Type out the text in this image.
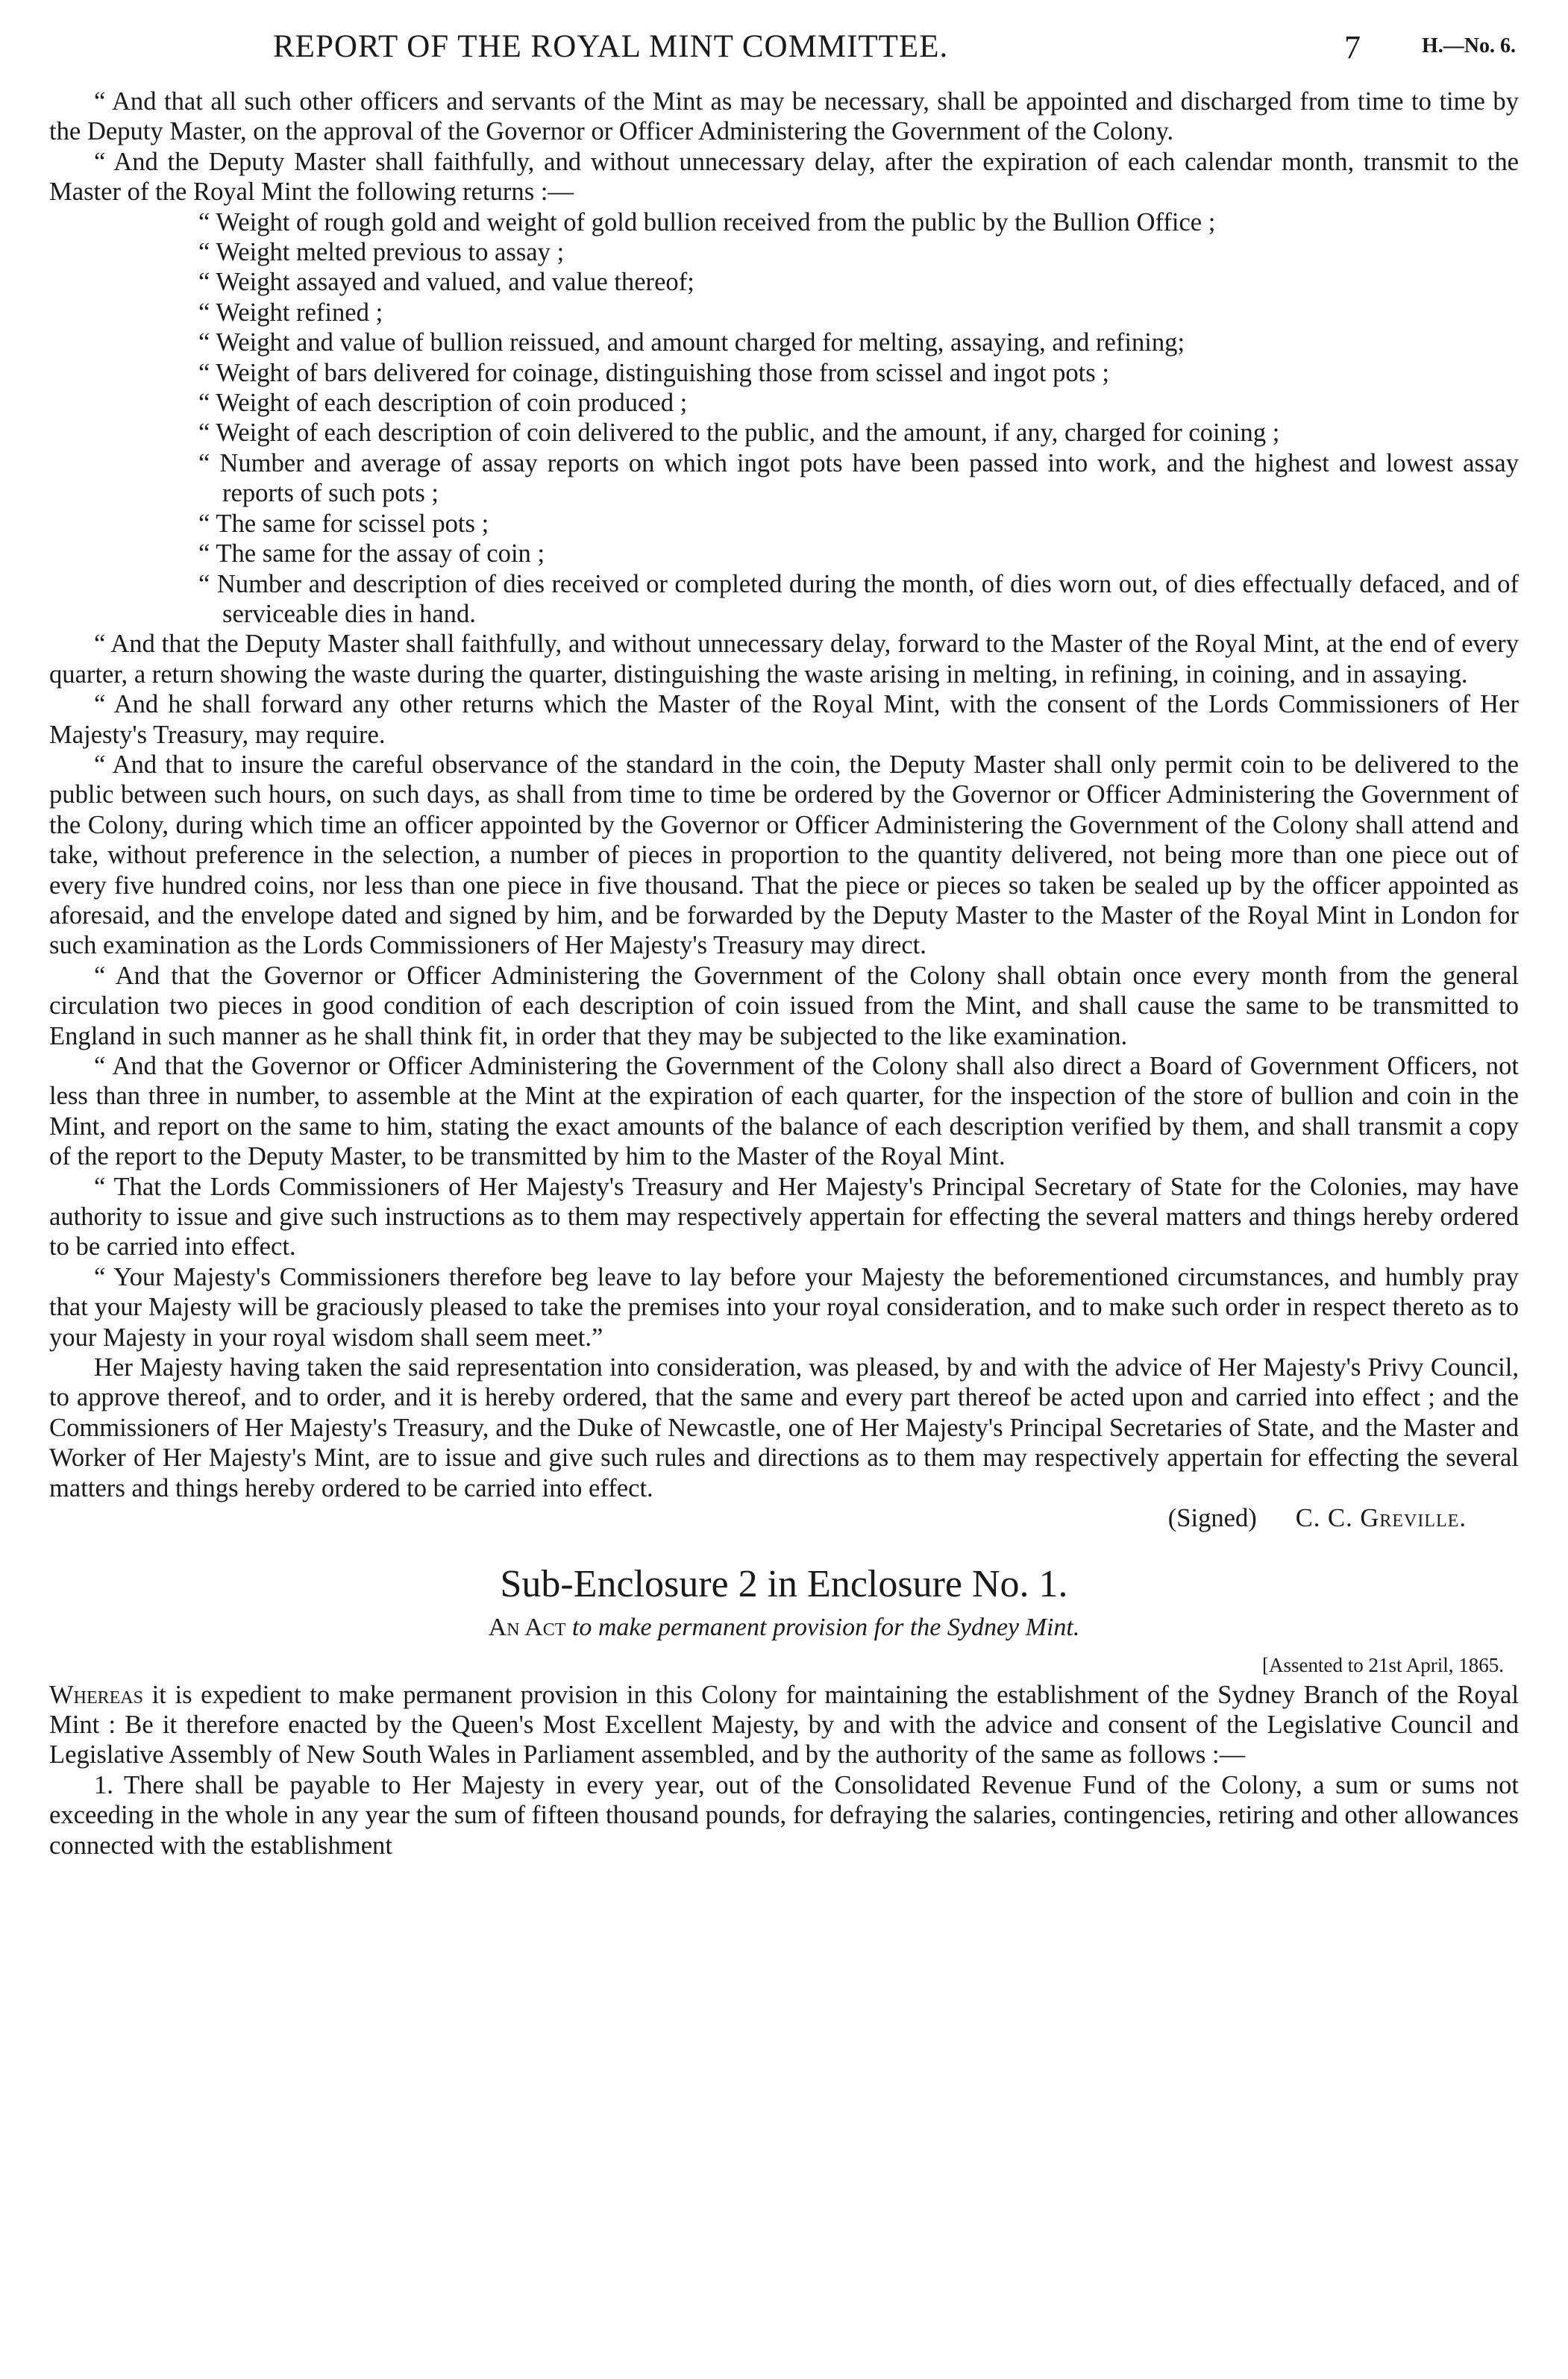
REPORT OF THE ROYAL MINT COMMITTEE.	7	H.—No. 6.

“ And that all such other officers and servants of the Mint as may be necessary, shall be appointed and discharged from time to time by the Deputy Master, on the approval of the Governor or Officer Administering the Government of the Colony.

“ And the Deputy Master shall faithfully, and without unnecessary delay, after the expiration of each calendar month, transmit to the Master of the Royal Mint the following returns :—

“ Weight of rough gold and weight of gold bullion received from the public by the Bullion Office ;

“ Weight melted previous to assay ;

“ Weight assayed and valued, and value thereof;

“ Weight refined ;

“ Weight and value of bullion reissued, and amount charged for melting, assaying, and refining;

“ Weight of bars delivered for coinage, distinguishing those from scissel and ingot pots ;

“ Weight of each description of coin produced ;

“ Weight of each description of coin delivered to the public, and the amount, if any, charged for coining ;

“ Number and average of assay reports on which ingot pots have been passed into work, and the highest and lowest assay reports of such pots ;

“ The same for scissel pots ;

“ The same for the assay of coin ;

“ Number and description of dies received or completed during the month, of dies worn out, of dies effectually defaced, and of serviceable dies in hand.

“ And that the Deputy Master shall faithfully, and without unnecessary delay, forward to the Master of the Royal Mint, at the end of every quarter, a return showing the waste during the quarter, distinguishing the waste arising in melting, in refining, in coining, and in assaying.

“ And he shall forward any other returns which the Master of the Royal Mint, with the consent of the Lords Commissioners of Her Majesty's Treasury, may require.

“ And that to insure the careful observance of the standard in the coin, the Deputy Master shall only permit coin to be delivered to the public between such hours, on such days, as shall from time to time be ordered by the Governor or Officer Administering the Government of the Colony, during which time an officer appointed by the Governor or Officer Administering the Government of the Colony shall attend and take, without preference in the selection, a number of pieces in proportion to the quantity delivered, not being more than one piece out of every five hundred coins, nor less than one piece in five thousand. That the piece or pieces so taken be sealed up by the officer appointed as aforesaid, and the envelope dated and signed by him, and be forwarded by the Deputy Master to the Master of the Royal Mint in London for such examination as the Lords Commissioners of Her Majesty's Treasury may direct.

“ And that the Governor or Officer Administering the Government of the Colony shall obtain once every month from the general circulation two pieces in good condition of each description of coin issued from the Mint, and shall cause the same to be transmitted to England in such manner as he shall think fit, in order that they may be subjected to the like examination.

“ And that the Governor or Officer Administering the Government of the Colony shall also direct a Board of Government Officers, not less than three in number, to assemble at the Mint at the expiration of each quarter, for the inspection of the store of bullion and coin in the Mint, and report on the same to him, stating the exact amounts of the balance of each description verified by them, and shall transmit a copy of the report to the Deputy Master, to be transmitted by him to the Master of the Royal Mint.

“ That the Lords Commissioners of Her Majesty's Treasury and Her Majesty's Principal Secretary of State for the Colonies, may have authority to issue and give such instructions as to them may respectively appertain for effecting the several matters and things hereby ordered to be carried into effect.

“ Your Majesty's Commissioners therefore beg leave to lay before your Majesty the beforementioned circumstances, and humbly pray that your Majesty will be graciously pleased to take the premises into your royal consideration, and to make such order in respect thereto as to your Majesty in your royal wisdom shall seem meet.”

Her Majesty having taken the said representation into consideration, was pleased, by and with the advice of Her Majesty's Privy Council, to approve thereof, and to order, and it is hereby ordered, that the same and every part thereof be acted upon and carried into effect ; and the Commissioners of Her Majesty's Treasury, and the Duke of Newcastle, one of Her Majesty's Principal Secretaries of State, and the Master and Worker of Her Majesty's Mint, are to issue and give such rules and directions as to them may respectively appertain for effecting the several matters and things hereby ordered to be carried into effect.

(Signed) C. C. Greville.

Sub-Enclosure 2 in Enclosure No. 1.
An Act to make permanent provision for the Sydney Mint.
[Assented to 21st April, 1865.

Whereas it is expedient to make permanent provision in this Colony for maintaining the establishment of the Sydney Branch of the Royal Mint : Be it therefore enacted by the Queen's Most Excellent Majesty, by and with the advice and consent of the Legislative Council and Legislative Assembly of New South Wales in Parliament assembled, and by the authority of the same as follows :—

1. There shall be payable to Her Majesty in every year, out of the Consolidated Revenue Fund of the Colony, a sum or sums not exceeding in the whole in any year the sum of fifteen thousand pounds, for defraying the salaries, contingencies, retiring and other allowances connected with the establishment
